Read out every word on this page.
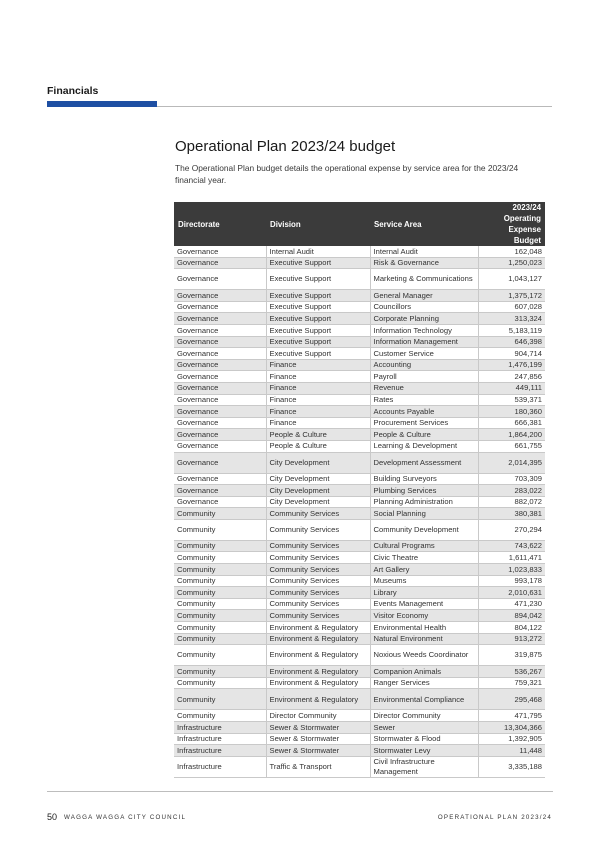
Financials
Operational Plan 2023/24 budget
The Operational Plan budget details the operational expense by service area for the 2023/24 financial year.
Directorate	Division	Service Area	2023/24 Operating Expense Budget
Governance	Internal Audit	Internal Audit	162,048
Governance	Executive Support	Risk & Governance	1,250,023
Governance	Executive Support	Marketing & Communications	1,043,127
Governance	Executive Support	General Manager	1,375,172
Governance	Executive Support	Councillors	607,028
Governance	Executive Support	Corporate Planning	313,324
Governance	Executive Support	Information Technology	5,183,119
Governance	Executive Support	Information Management	646,398
Governance	Executive Support	Customer Service	904,714
Governance	Finance	Accounting	1,476,199
Governance	Finance	Payroll	247,856
Governance	Finance	Revenue	449,111
Governance	Finance	Rates	539,371
Governance	Finance	Accounts Payable	180,360
Governance	Finance	Procurement Services	666,381
Governance	People & Culture	People & Culture	1,864,200
Governance	People & Culture	Learning & Development	661,755
Governance	City Development	Development Assessment	2,014,395
Governance	City Development	Building Surveyors	703,309
Governance	City Development	Plumbing Services	283,022
Governance	City Development	Planning Administration	882,072
Community	Community Services	Social Planning	380,381
Community	Community Services	Community Development	270,294
Community	Community Services	Cultural Programs	743,622
Community	Community Services	Civic Theatre	1,611,471
Community	Community Services	Art Gallery	1,023,833
Community	Community Services	Museums	993,178
Community	Community Services	Library	2,010,631
Community	Community Services	Events Management	471,230
Community	Community Services	Visitor Economy	894,042
Community	Environment & Regulatory	Environmental Health	804,122
Community	Environment & Regulatory	Natural Environment	913,272
Community	Environment & Regulatory	Noxious Weeds Coordinator	319,875
Community	Environment & Regulatory	Companion Animals	536,267
Community	Environment & Regulatory	Ranger Services	759,321
Community	Environment & Regulatory	Environmental Compliance	295,468
Community	Director Community	Director Community	471,795
Infrastructure	Sewer & Stormwater	Sewer	13,304,366
Infrastructure	Sewer & Stormwater	Stormwater & Flood	1,392,905
Infrastructure	Sewer & Stormwater	Stormwater Levy	11,448
Infrastructure	Traffic & Transport	Civil Infrastructure Management	3,335,188
50 WAGGA WAGGA CITY COUNCIL	OPERATIONAL PLAN 2023/24
